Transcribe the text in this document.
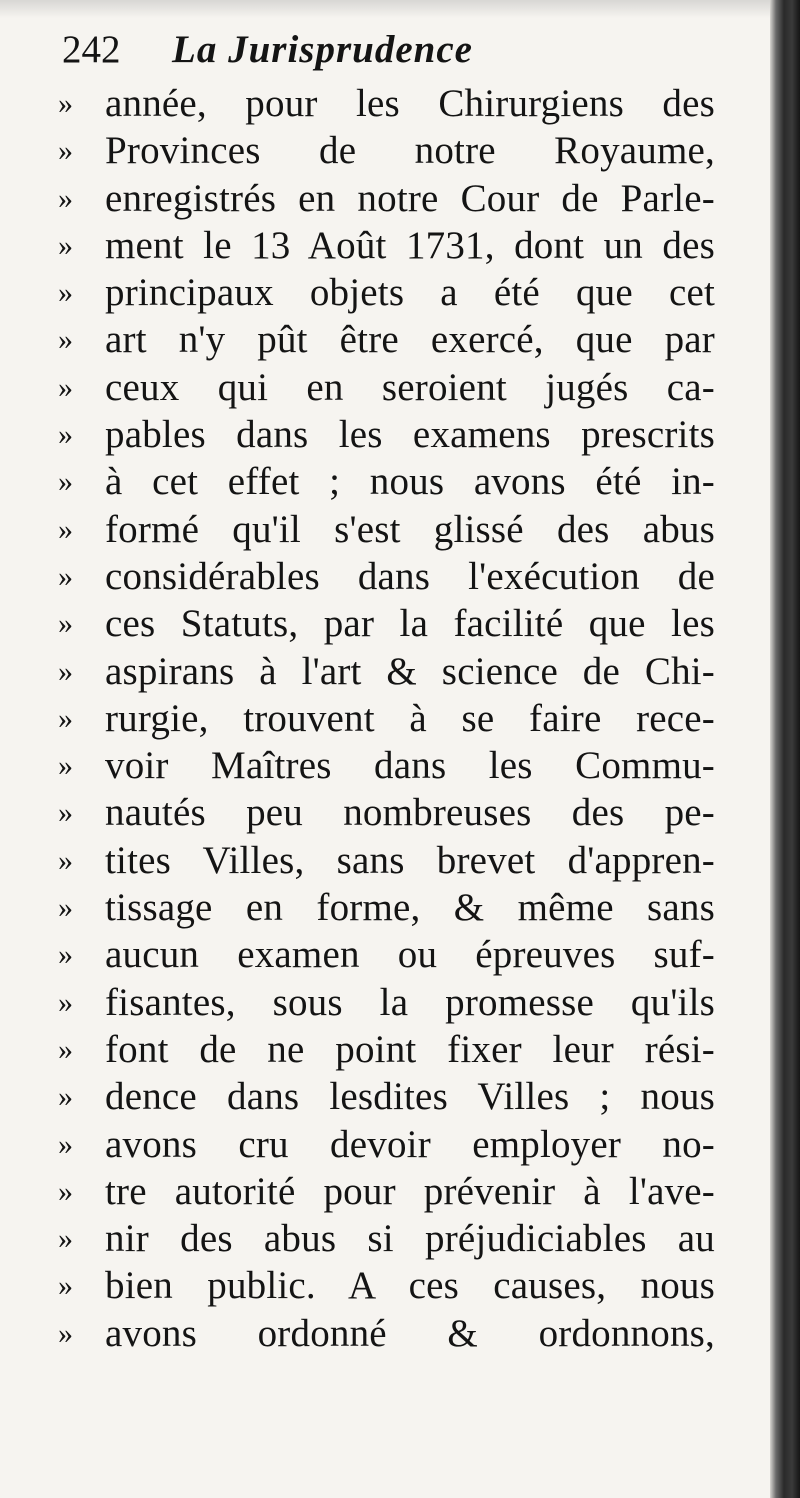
242 La Jurisprudence
» année, pour les Chirurgiens des
» Provinces de notre Royaume,
» enregistrés en notre Cour de Parle-
» ment le 13 Août 1731, dont un des
» principaux objets a été que cet
» art n'y pût être exercé, que par
» ceux qui en seroient jugés ca-
» pables dans les examens prescrits
» à cet effet ; nous avons été in-
» formé qu'il s'est glissé des abus
» considérables dans l'exécution de
» ces Statuts, par la facilité que les
» aspirans à l'art & science de Chi-
» rurgie, trouvent à se faire rece-
» voir Maîtres dans les Commu-
» nautés peu nombreuses des pe-
» tites Villes, sans brevet d'appren-
» tissage en forme, & même sans
» aucun examen ou épreuves suf-
» fisantes, sous la promesse qu'ils
» font de ne point fixer leur rési-
» dence dans lesdites Villes ; nous
» avons cru devoir employer no-
» tre autorité pour prévenir à l'ave-
» nir des abus si préjudiciables au
» bien public. A ces causes, nous
» avons ordonné & ordonnons,
